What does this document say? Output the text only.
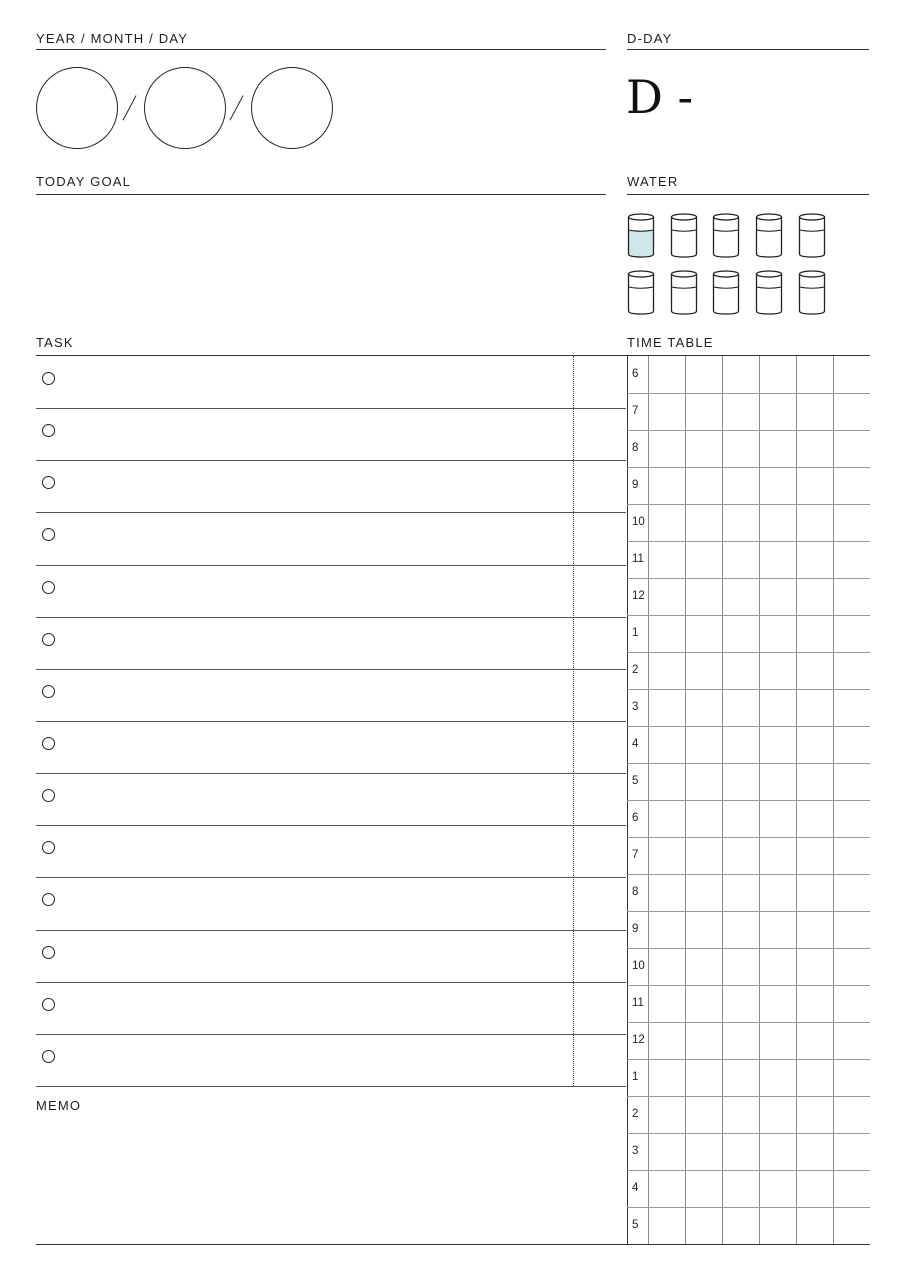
YEAR / MONTH / DAY	D-DAY
D -
TODAY GOAL	WATER
TASK	TIME TABLE
MEMO
6
7
8
9
10
11
12
1
2
3
4
5
6
7
8
9
10
11
12
1
2
3
4
5
